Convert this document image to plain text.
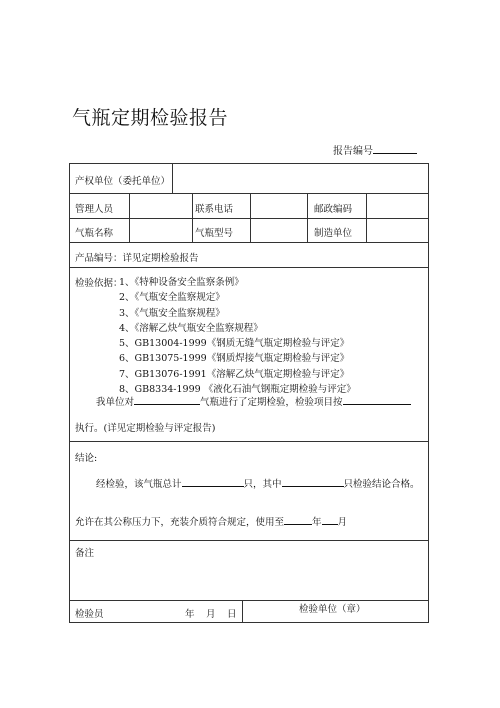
气瓶定期检验报告
报告编号
产权单位（委托单位）
管理人员	联系电话	邮政编码
气瓶名称	气瓶型号	制造单位
产品编号：详见定期检验报告
检验依据：
1、《特种设备安全监察条例》
2、《气瓶安全监察规定》
3、《气瓶安全监察规程》
4、《溶解乙炔气瓶安全监察规程》
5、GB13004-1999《钢质无缝气瓶定期检验与评定》
6、GB13075-1999《钢质焊接气瓶定期检验与评定》
7、GB13076-1991《溶解乙炔气瓶定期检验与评定》
8、GB8334-1999 《液化石油气钢瓶定期检验与评定》
我单位对	气瓶进行了定期检验，检验项目按
执行。(详见定期检验与评定报告)
结论:
经检验，该气瓶总计	只，其中	只检验结论合格。
允许在其公称压力下，充装介质符合规定，使用至	年 月
备注
检验员	年　月　日	检验单位（章）
